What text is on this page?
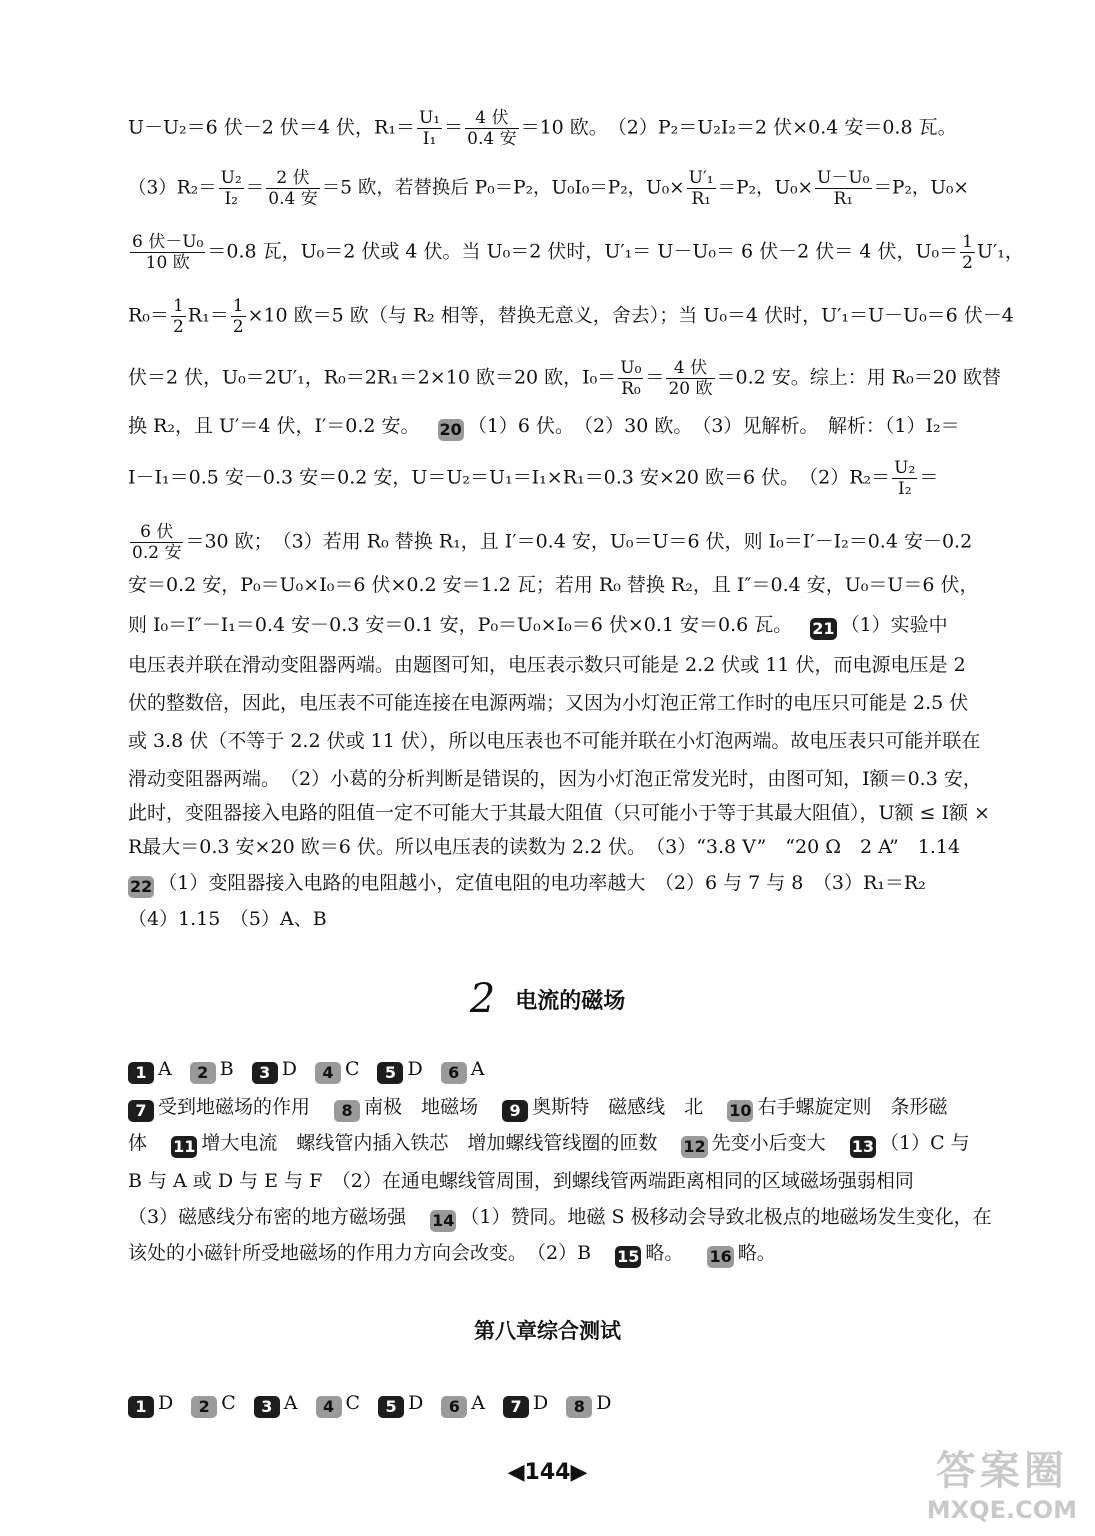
U－U₂＝6 伏－2 伏＝4 伏，$R_1= \frac{\text{U₁}}{\text{I₁}} = \frac{\text{4 伏}}{\text{0.4 安}} =10$ 欧。　（2）P₂＝U₂I₂＝2 伏×0.4 安＝0.8 瓦。
$(3)R_2= \frac{\text{U₂}}{\text{I₂}} = \frac{\text{2 伏}}{\text{0.4 安}} =5$ 欧，若替换后 P₀＝P₂，U₀I₀＝P₂，$U_0\times \frac{\text{U′₁}}{\text{R₁}} =P_2$，$U_0\times \frac{\text{U－U₀}}{\text{R₁}} =P_2$，U₀×
$\frac{\text{6 伏－U₀}}{\text{10 欧}} =0.8$ 瓦，U₀＝2 伏或 4 伏。当 U₀＝2 伏时，U′₁＝ U－U₀＝ 6 伏－2 伏＝ 4 伏，$U_0= \frac{1}{2} U'_1$，
$R_0= \frac{1}{2} R_1= \frac{1}{2} \times 10$ 欧＝5 欧（与 R₂ 相等，替换无意义，舍去）；当 U₀＝4 伏时，U′₁＝U－U₀＝6 伏－4
伏＝2 伏，U₀＝2U′₁，R₀＝2R₁＝2×10 欧＝20 欧，$I_0= \frac{\text{U₀}}{\text{R₀}} = \frac{\text{4 伏}}{\text{20 欧}} =0.2$ 安。综上：用 R₀＝20 欧替
换 R₂，且 U′＝4 伏，I′＝0.2 安。 20 （1）6 伏。　（2）30 欧。　（3）见解析。　解析：（1）I₂＝
I－I₁＝0.5 安－0.3 安＝0.2 安，U＝U₂＝U₁＝I₁×R₁＝0.3 安×20 欧＝6 伏。　$(2)R_2= \frac{\text{U₂}}{\text{I₂}}$ ＝
$\frac{\text{6 伏}}{\text{0.2 安}} =30$ 欧；　（3）若用 R₀ 替换 R₁，且 I′＝0.4 安，U₀＝U＝6 伏，则 I₀＝I′－I₂＝0.4 安－0.2
安＝0.2 安，P₀＝U₀×I₀＝6 伏×0.2 安＝1.2 瓦；若用 R₀ 替换 R₂，且 I″＝0.4 安，U₀＝U＝6 伏，
则 I₀＝I″－I₁＝0.4 安－0.3 安＝0.1 安，P₀＝U₀×I₀＝6 伏×0.1 安＝0.6 瓦。 21 （1）实验中
电压表并联在滑动变阻器两端。由题图可知，电压表示数只可能是 2.2 伏或 11 伏，而电源电压是 2
伏的整数倍，因此，电压表不可能连接在电源两端；又因为小灯泡正常工作时的电压只可能是 2.5 伏
或 3.8 伏（不等于 2.2 伏或 11 伏），所以电压表也不可能并联在小灯泡两端。故电压表只可能并联在
滑动变阻器两端。　（2）小葛的分析判断是错误的，因为小灯泡正常发光时，由图可知，I额＝0.3 安，
此时，变阻器接入电路的阻值一定不可能大于其最大阻值（只可能小于等于其最大阻值），U额 ≤ I额 ×
R最大＝0.3 安×20 欧＝6 伏。所以电压表的读数为 2.2 伏。　（3）“3.8 V”　“20 Ω　2 A”　1.14
22 （1）变阻器接入电路的电阻越小，定值电阻的电功率越大　（2）6 与 7 与 8　（3）R₁＝R₂
（4）1.15　（5）A、B
2 电流的磁场
1 A 2 B 3 D 4 C 5 D 6 A
7 受到地磁场的作用 8 南极　地磁场 9 奥斯特　磁感线　北 10 右手螺旋定则　条形磁
体 11 增大电流　螺线管内插入铁芯　增加螺线管线圈的匝数 12 先变小后变大 13 （1）C 与
B 与 A 或 D 与 E 与 F　（2）在通电螺线管周围，到螺线管两端距离相同的区域磁场强弱相同
（3）磁感线分布密的地方磁场强 14 （1）赞同。地磁 S 极移动会导致北极点的地磁场发生变化，在
该处的小磁针所受地磁场的作用力方向会改变。　（2）B 15 略。 16 略。
第八章综合测试
1 D 2 C 3 A 4 C 5 D 6 A 7 D 8 D
◀144▶	答案圈
MXQE.COM
